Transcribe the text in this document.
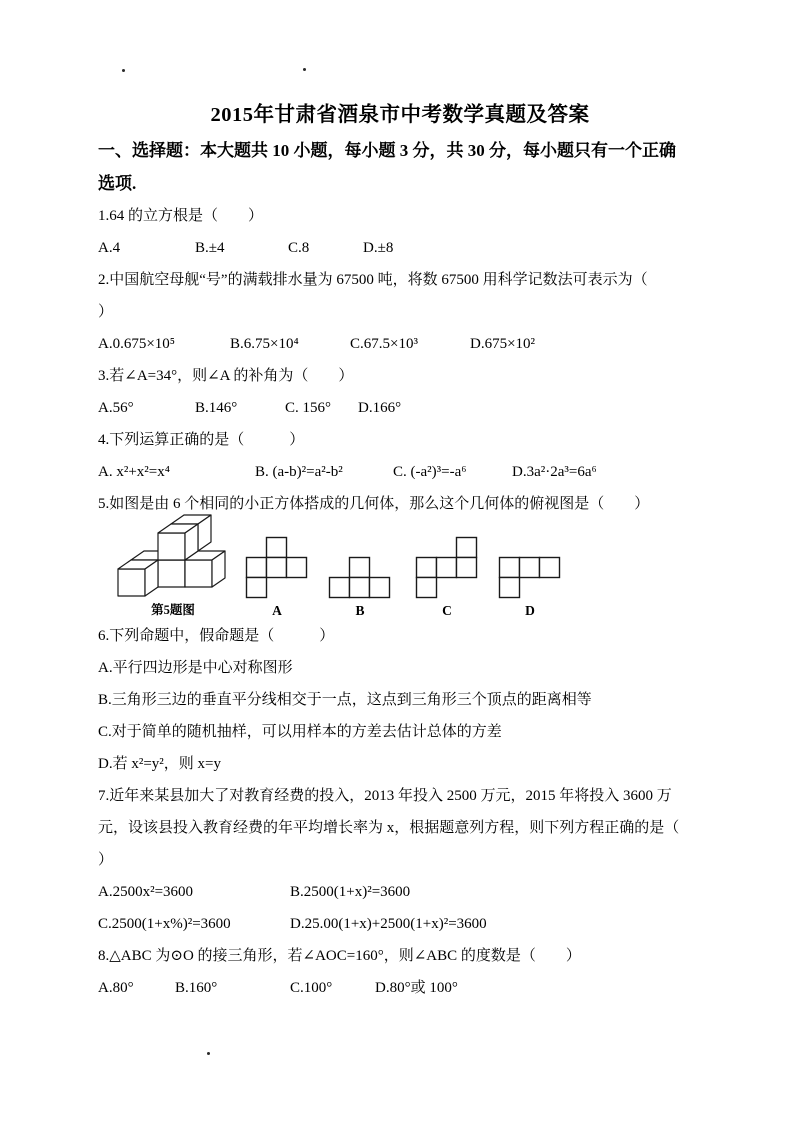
2015年甘肃省酒泉市中考数学真题及答案
一、选择题：本大题共 10 小题，每小题 3 分，共 30 分，每小题只有一个正确
选项.
1.64 的立方根是（　　）
A.4	B.±4	C.8	D.±8
2.中国航空母舰“号”的满载排水量为 67500 吨，将数 67500 用科学记数法可表示为（
）
A.0.675×10⁵	B.6.75×10⁴	C.67.5×10³	D.675×10²
3.若∠A=34°，则∠A 的补角为（　　）
A.56°	B.146°	C. 156° D.166°
4.下列运算正确的是（　　　）
A. x²+x²=x⁴	B. (a-b)²=a²-b²	C. (-a²)³=-a⁶	D.3a²·2a³=6a⁶
5.如图是由 6 个相同的小正方体搭成的几何体，那么这个几何体的俯视图是（　　）
第5题图	A	B	C	D
6.下列命题中，假命题是（　　　）
A.平行四边形是中心对称图形
B.三角形三边的垂直平分线相交于一点，这点到三角形三个顶点的距离相等
C.对于简单的随机抽样，可以用样本的方差去估计总体的方差
D.若 x²=y²，则 x=y
7.近年来某县加大了对教育经费的投入，2013 年投入 2500 万元，2015 年将投入 3600 万
元，设该县投入教育经费的年平均增长率为 x，根据题意列方程，则下列方程正确的是（
）
A.2500x²=3600	B.2500(1+x)²=3600
C.2500(1+x%)²=3600	D.25.00(1+x)+2500(1+x)²=3600
8.△ABC 为⊙O 的接三角形，若∠AOC=160°，则∠ABC 的度数是（　　）
A.80°	B.160°	C.100°	D.80°或 100°
